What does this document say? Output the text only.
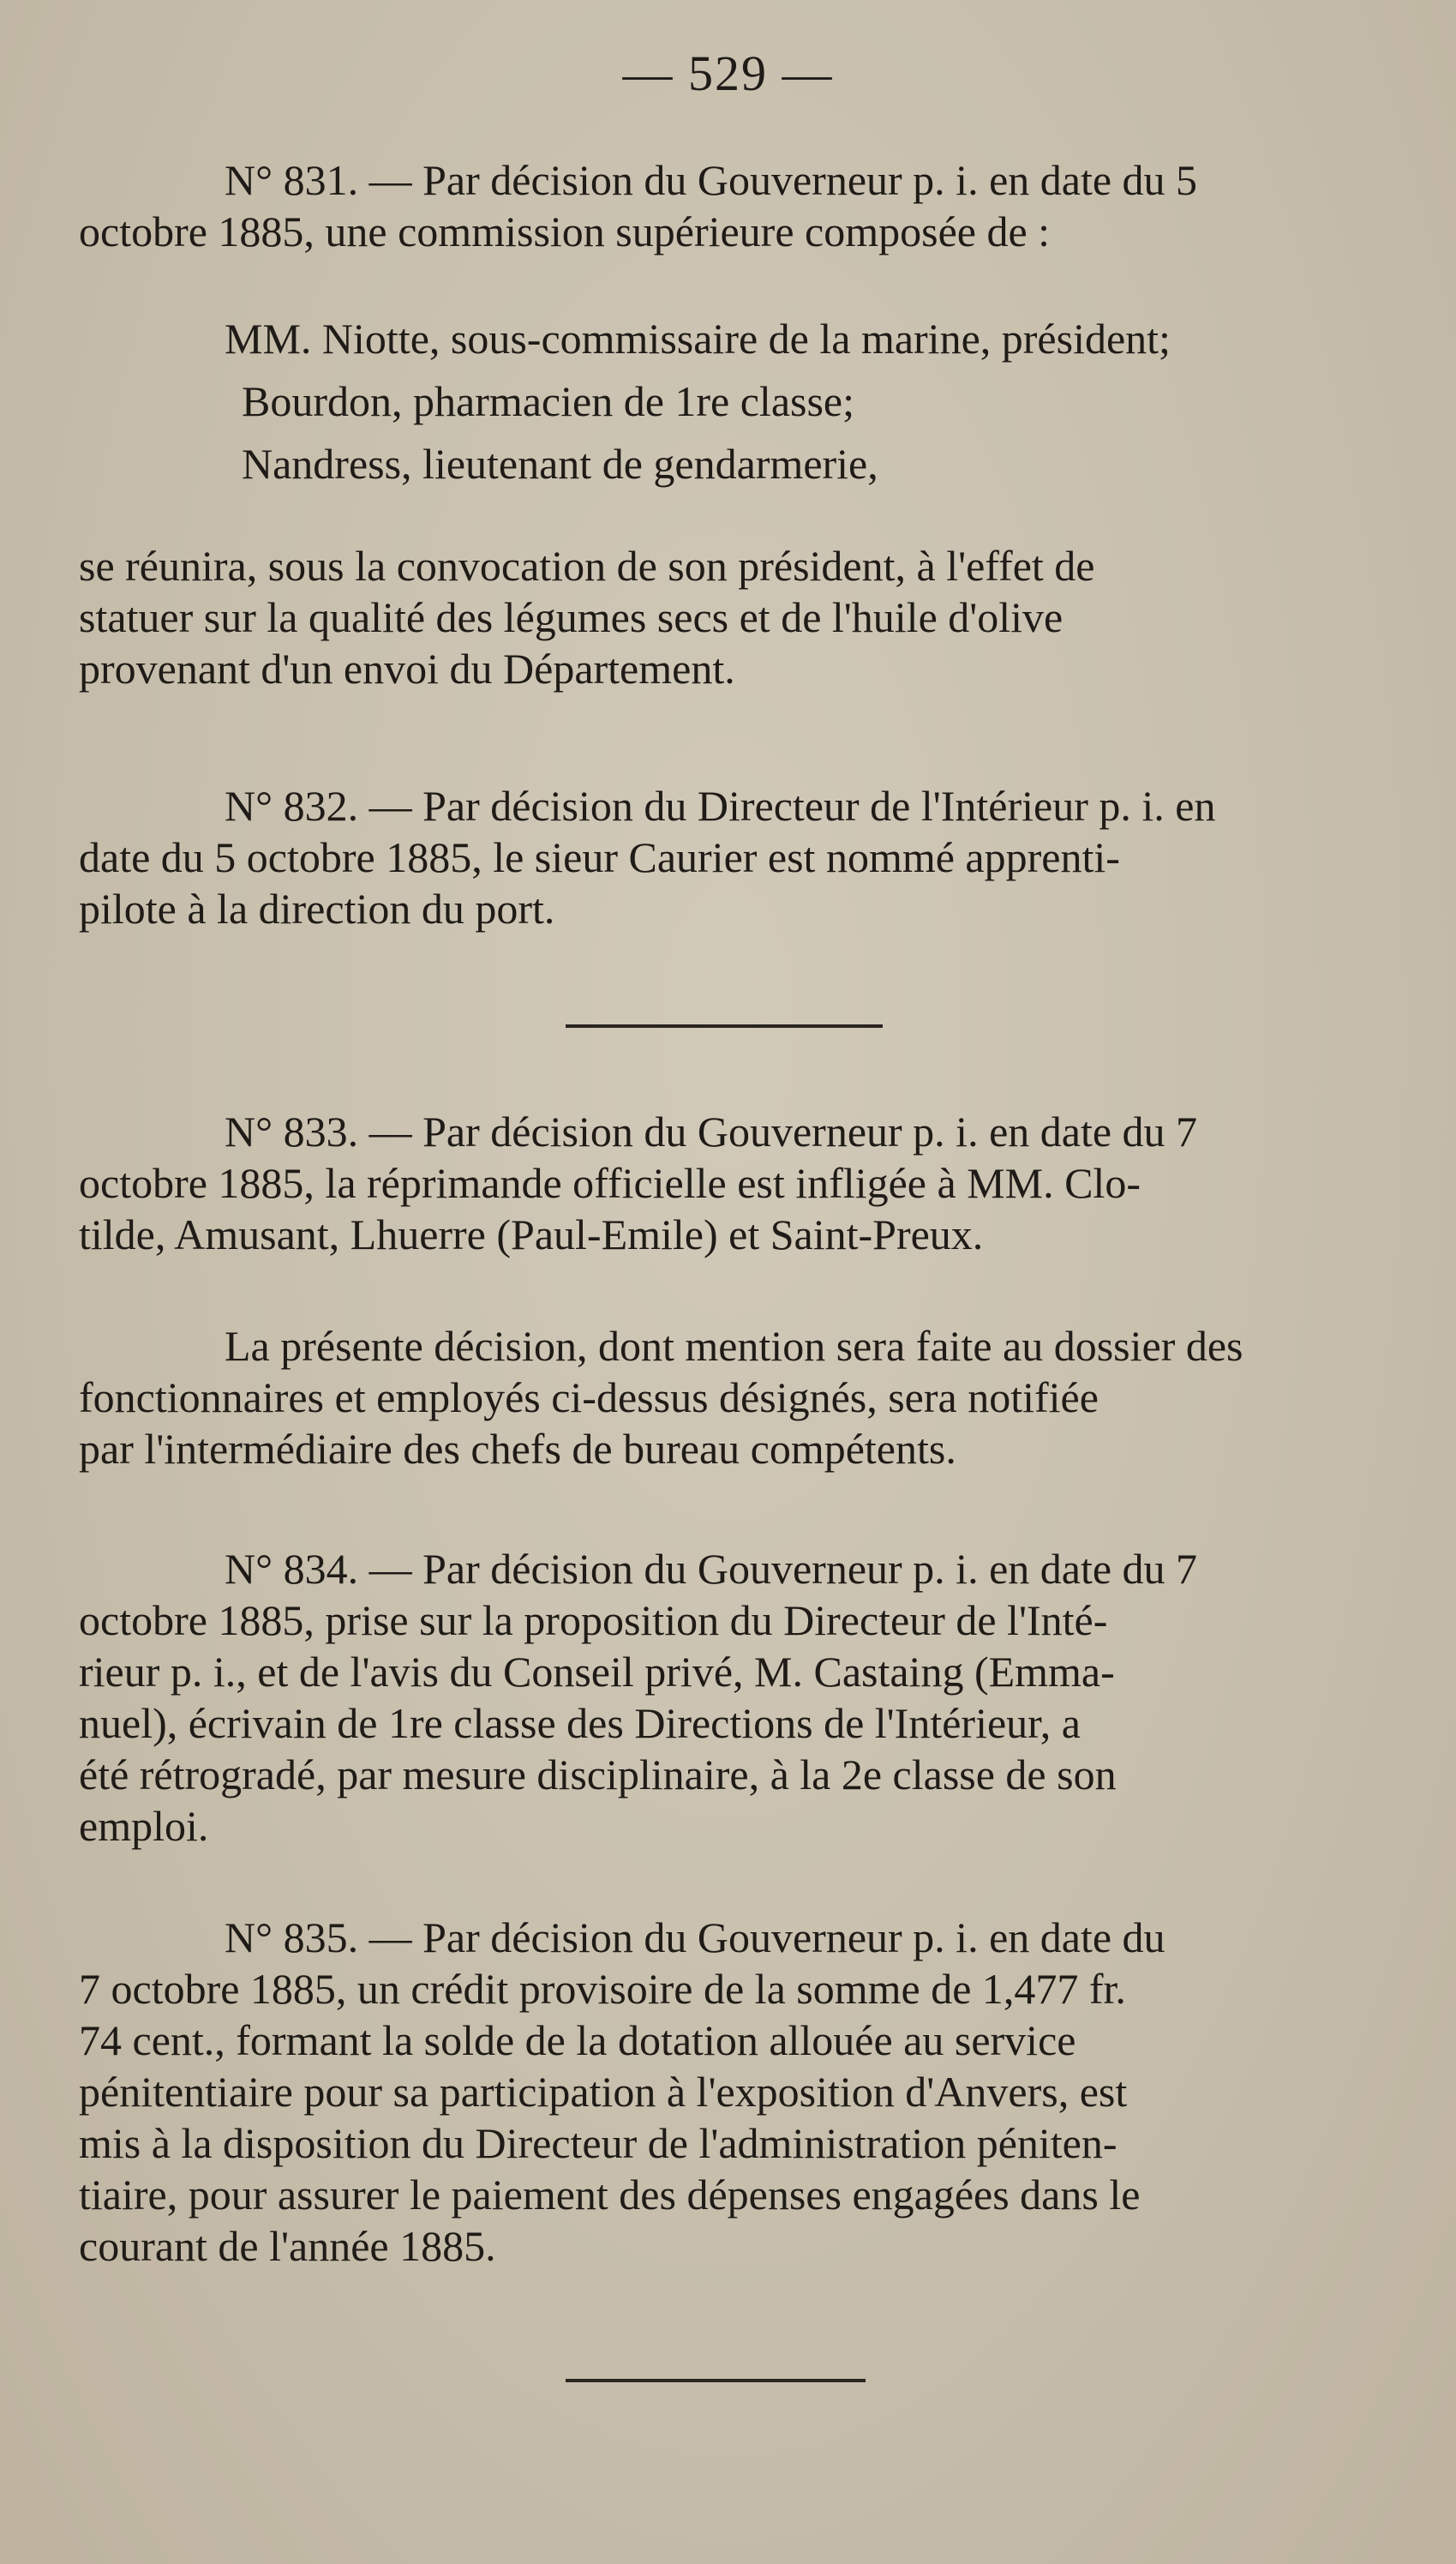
— 529 —
N° 831. — Par décision du Gouverneur p. i. en date du 5
octobre 1885, une commission supérieure composée de :
MM. Niotte, sous-commissaire de la marine, président;
Bourdon, pharmacien de 1re classe;
Nandress, lieutenant de gendarmerie,
se réunira, sous la convocation de son président, à l'effet de
statuer sur la qualité des légumes secs et de l'huile d'olive
provenant d'un envoi du Département.
N° 832. — Par décision du Directeur de l'Intérieur p. i. en
date du 5 octobre 1885, le sieur Caurier est nommé apprenti-
pilote à la direction du port.
N° 833. — Par décision du Gouverneur p. i. en date du 7
octobre 1885, la réprimande officielle est infligée à MM. Clo-
tilde, Amusant, Lhuerre (Paul-Emile) et Saint-Preux.
La présente décision, dont mention sera faite au dossier des
fonctionnaires et employés ci-dessus désignés, sera notifiée
par l'intermédiaire des chefs de bureau compétents.
N° 834. — Par décision du Gouverneur p. i. en date du 7
octobre 1885, prise sur la proposition du Directeur de l'Inté-
rieur p. i., et de l'avis du Conseil privé, M. Castaing (Emma-
nuel), écrivain de 1re classe des Directions de l'Intérieur, a
été rétrogradé, par mesure disciplinaire, à la 2e classe de son
emploi.
N° 835. — Par décision du Gouverneur p. i. en date du
7 octobre 1885, un crédit provisoire de la somme de 1,477 fr.
74 cent., formant la solde de la dotation allouée au service
pénitentiaire pour sa participation à l'exposition d'Anvers, est
mis à la disposition du Directeur de l'administration péniten-
tiaire, pour assurer le paiement des dépenses engagées dans le
courant de l'année 1885.
